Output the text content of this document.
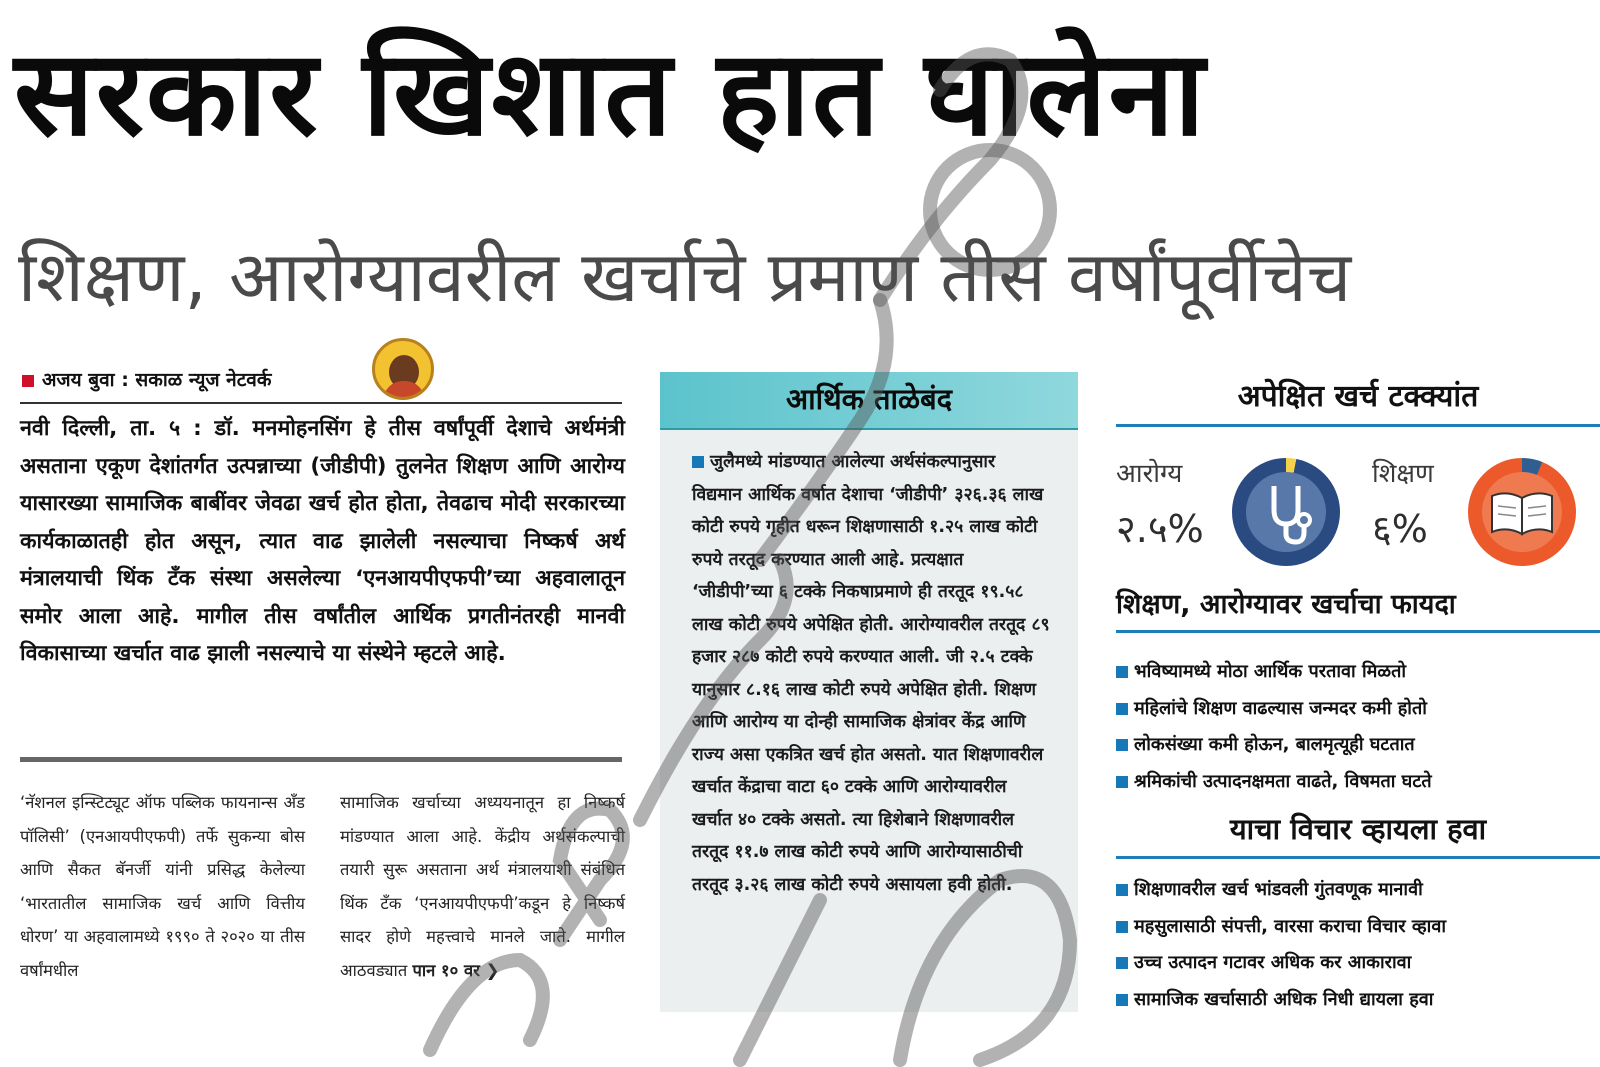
सरकार खिशात हात घालेना
शिक्षण, आरोग्यावरील खर्चाचे प्रमाण तीस वर्षांपूर्वीचेच
अजय बुवा : सकाळ न्यूज नेटवर्क
नवी दिल्ली, ता. ५ : डॉ. मनमोहनसिंग हे तीस वर्षांपूर्वी देशाचे अर्थमंत्री असताना एकूण देशांतर्गत उत्पन्नाच्या (जीडीपी) तुलनेत शिक्षण आणि आरोग्य यासारख्या सामाजिक बाबींवर जेवढा खर्च होत होता, तेवढाच मोदी सरकारच्या कार्यकाळातही होत असून, त्यात वाढ झालेली नसल्याचा निष्कर्ष अर्थ मंत्रालयाची थिंक टँक संस्था असलेल्या ‘एनआयपीएफपी’च्या अहवालातून समोर आला आहे. मागील तीस वर्षांतील आर्थिक प्रगतीनंतरही मानवी विकासाच्या खर्चात वाढ झाली नसल्याचे या संस्थेने म्हटले आहे.
‘नॅशनल इन्स्टिट्यूट ऑफ पब्लिक फायनान्स अँड पॉलिसी’ (एनआयपीएफपी) तर्फे सुकन्या बोस आणि सैकत बॅनर्जी यांनी प्रसिद्ध केलेल्या ‘भारतातील सामाजिक खर्च आणि वित्तीय धोरण’ या अहवालामध्ये १९९० ते २०२० या तीस वर्षांमधील
सामाजिक खर्चाच्या अध्ययनातून हा निष्कर्ष मांडण्यात आला आहे. केंद्रीय अर्थसंकल्पाची तयारी सुरू असताना अर्थ मंत्रालयाशी संबंधित थिंक टँक ‘एनआयपीएफपी’कडून हे निष्कर्ष सादर होणे महत्त्वाचे मानले जाते. मागील आठवड्यात पान १० वर ❯
आर्थिक ताळेबंद
जुलैमध्ये मांडण्यात आलेल्या अर्थसंकल्पानुसार विद्यमान आर्थिक वर्षात देशाचा ‘जीडीपी’ ३२६.३६ लाख कोटी रुपये गृहीत धरून शिक्षणासाठी १.२५ लाख कोटी रुपये तरतूद करण्यात आली आहे. प्रत्यक्षात ‘जीडीपी’च्या ६ टक्के निकषाप्रमाणे ही तरतूद १९.५८ लाख कोटी रुपये अपेक्षित होती. आरोग्यावरील तरतूद ८९ हजार २८७ कोटी रुपये करण्यात आली. जी २.५ टक्के यानुसार ८.१६ लाख कोटी रुपये अपेक्षित होती. शिक्षण आणि आरोग्य या दोन्ही सामाजिक क्षेत्रांवर केंद्र आणि राज्य असा एकत्रित खर्च होत असतो. यात शिक्षणावरील खर्चात केंद्राचा वाटा ६० टक्के आणि आरोग्यावरील खर्चात ४० टक्के असतो. त्या हिशेबाने शिक्षणावरील तरतूद ११.७ लाख कोटी रुपये आणि आरोग्यासाठीची तरतूद ३.२६ लाख कोटी रुपये असायला हवी होती.
अपेक्षित खर्च टक्क्यांत
आरोग्य
२.५%
शिक्षण
६%
शिक्षण, आरोग्यावर खर्चाचा फायदा
भविष्यामध्ये मोठा आर्थिक परतावा मिळतो
महिलांचे शिक्षण वाढल्यास जन्मदर कमी होतो
लोकसंख्या कमी होऊन, बालमृत्यूही घटतात
श्रमिकांची उत्पादनक्षमता वाढते, विषमता घटते
याचा विचार व्हायला हवा
शिक्षणावरील खर्च भांडवली गुंतवणूक मानावी
महसुलासाठी संपत्ती, वारसा कराचा विचार व्हावा
उच्च उत्पादन गटावर अधिक कर आकारावा
सामाजिक खर्चासाठी अधिक निधी द्यायला हवा
